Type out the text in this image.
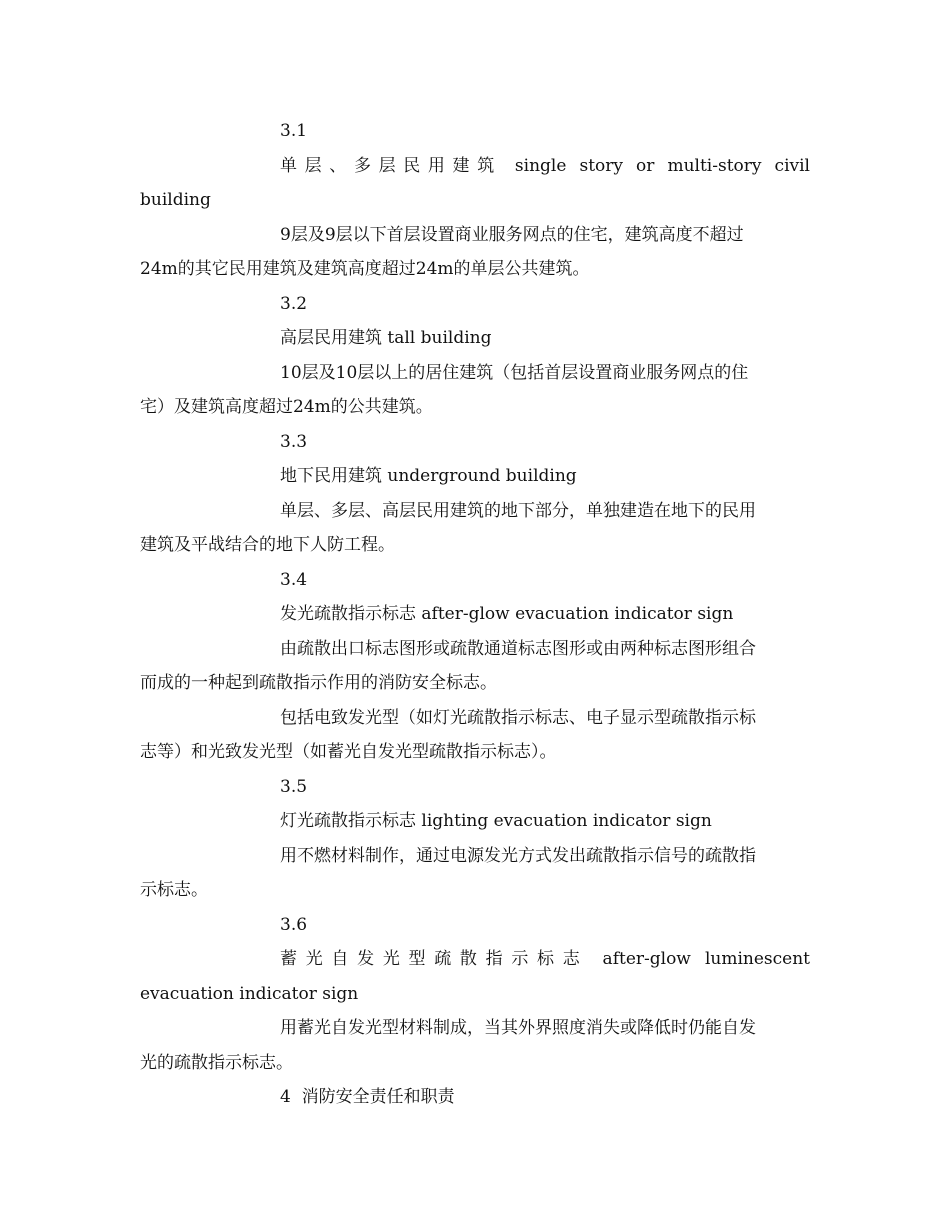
3.1
单层、多层民用建筑 single story or multi-story civil
building
9层及9层以下首层设置商业服务网点的住宅，建筑高度不超过
24m的其它民用建筑及建筑高度超过24m的单层公共建筑。
3.2
高层民用建筑 tall building
10层及10层以上的居住建筑（包括首层设置商业服务网点的住
宅）及建筑高度超过24m的公共建筑。
3.3
地下民用建筑 underground building
单层、多层、高层民用建筑的地下部分，单独建造在地下的民用
建筑及平战结合的地下人防工程。
3.4
发光疏散指示标志 after-glow evacuation indicator sign
由疏散出口标志图形或疏散通道标志图形或由两种标志图形组合
而成的一种起到疏散指示作用的消防安全标志。
包括电致发光型（如灯光疏散指示标志、电子显示型疏散指示标
志等）和光致发光型（如蓄光自发光型疏散指示标志）。
3.5
灯光疏散指示标志 lighting evacuation indicator sign
用不燃材料制作，通过电源发光方式发出疏散指示信号的疏散指
示标志。
3.6
蓄光自发光型疏散指示标志 after-glow luminescent
evacuation indicator sign
用蓄光自发光型材料制成，当其外界照度消失或降低时仍能自发
光的疏散指示标志。
4  消防安全责任和职责
